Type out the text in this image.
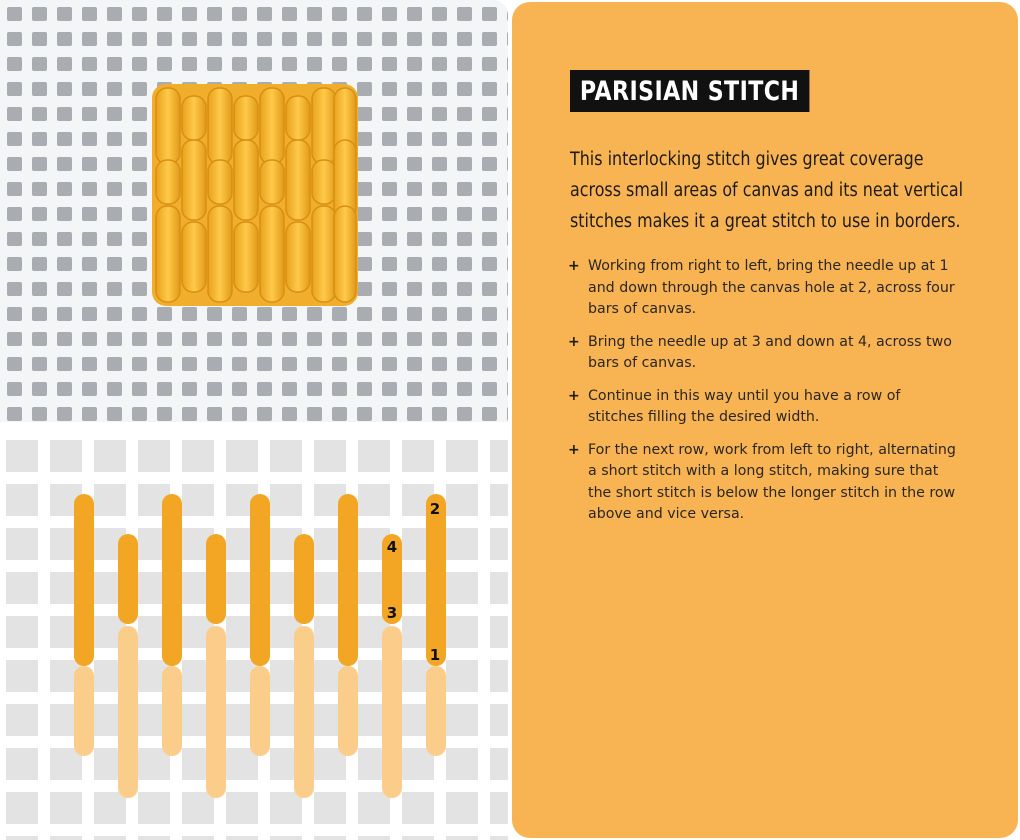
4
3
2
1
PARISIAN STITCH
This interlocking stitch gives great coverage across small areas of canvas and its neat vertical stitches makes it a great stitch to use in borders.
+ Working from right to left, bring the needle up at 1 and down through the canvas hole at 2, across four bars of canvas.
+ Bring the needle up at 3 and down at 4, across two bars of canvas.
+ Continue in this way until you have a row of stitches filling the desired width.
+ For the next row, work from left to right, alternating a short stitch with a long stitch, making sure that the short stitch is below the longer stitch in the row above and vice versa.
